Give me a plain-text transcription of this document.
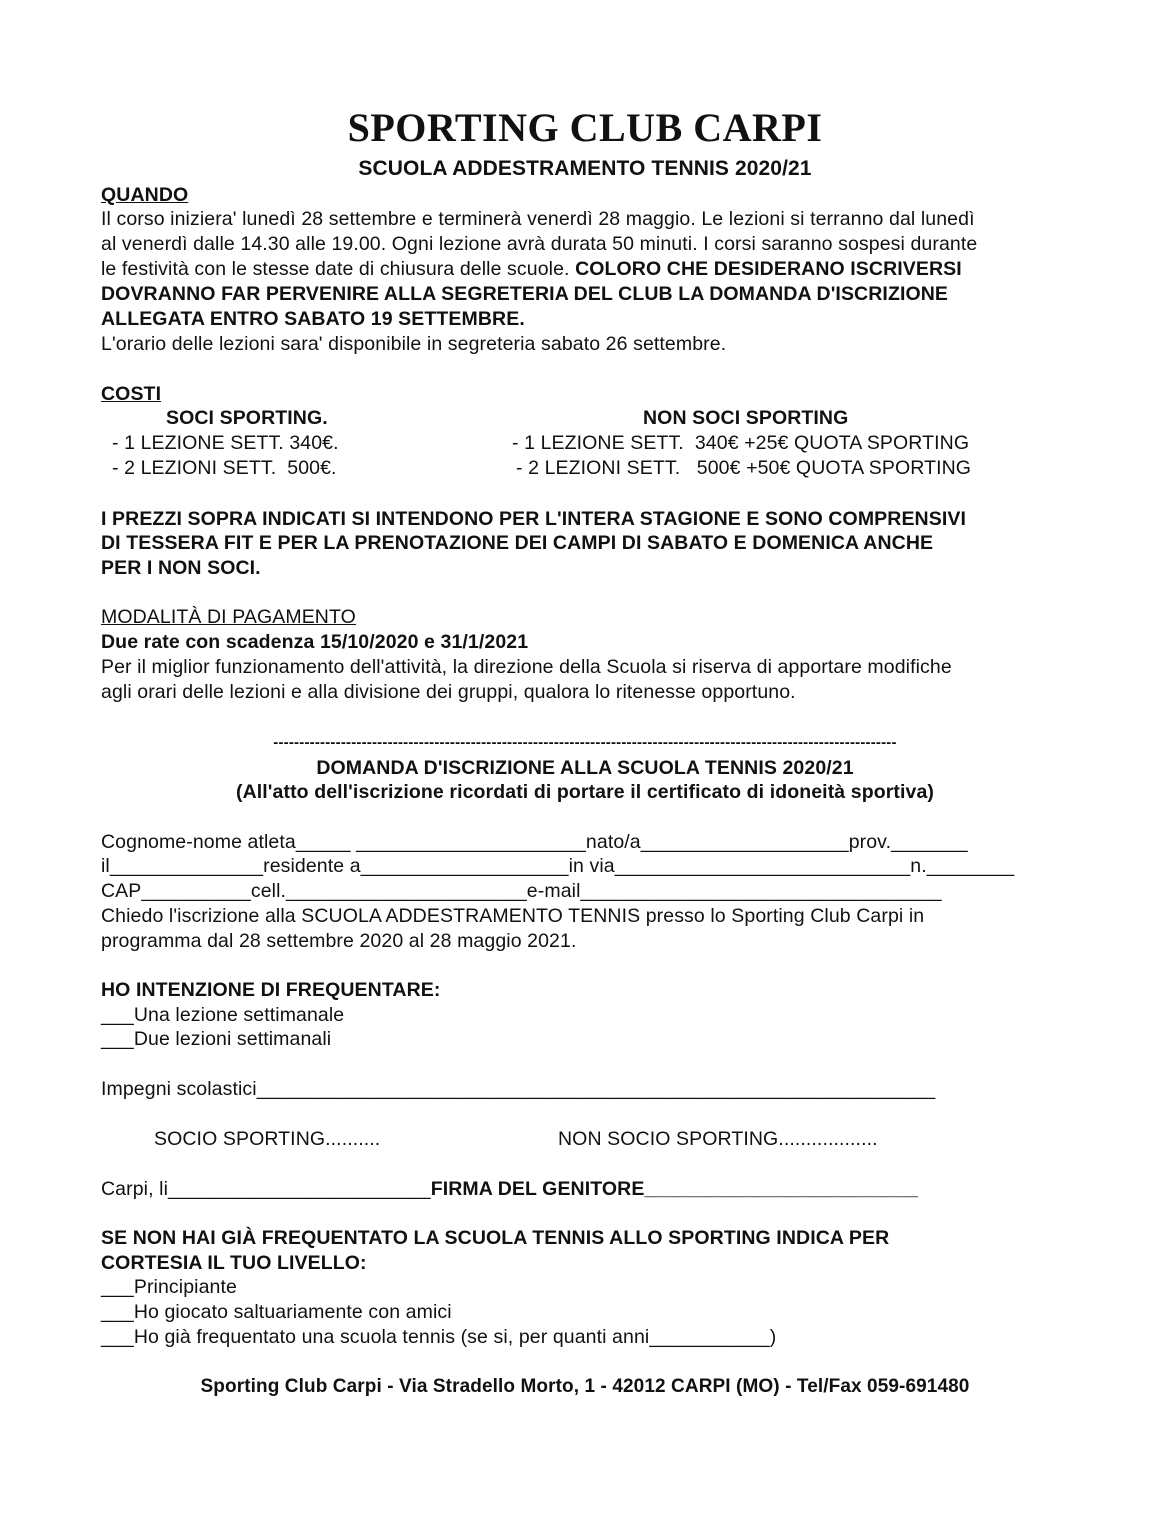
SPORTING CLUB CARPI
SCUOLA ADDESTRAMENTO TENNIS 2020/21
QUANDO
Il corso iniziera' lunedì 28 settembre e terminerà venerdì 28 maggio. Le lezioni si terranno dal lunedì
al venerdì dalle 14.30 alle 19.00. Ogni lezione avrà durata 50 minuti. I corsi saranno sospesi durante
le festività con le stesse date di chiusura delle scuole. COLORO CHE DESIDERANO ISCRIVERSI
DOVRANNO FAR PERVENIRE ALLA SEGRETERIA DEL CLUB LA DOMANDA D'ISCRIZIONE
ALLEGATA ENTRO SABATO 19 SETTEMBRE.
L'orario delle lezioni sara' disponibile in segreteria sabato 26 settembre.
COSTI
SOCI SPORTING.
- 1 LEZIONE SETT. 340€.
- 2 LEZIONI SETT.  500€.
NON SOCI SPORTING
- 1 LEZIONE SETT.  340€ +25€ QUOTA SPORTING
- 2 LEZIONI SETT.   500€ +50€ QUOTA SPORTING
I PREZZI SOPRA INDICATI SI INTENDONO PER L'INTERA STAGIONE E SONO COMPRENSIVI
DI TESSERA FIT E PER LA PRENOTAZIONE DEI CAMPI DI SABATO E DOMENICA ANCHE
PER I NON SOCI.
MODALITÀ DI PAGAMENTO
Due rate con scadenza 15/10/2020 e 31/1/2021
Per il miglior funzionamento dell'attività, la direzione della Scuola si riserva di apportare modifiche
agli orari delle lezioni e alla divisione dei gruppi, qualora lo ritenesse opportuno.
------------------------------------------------------------------------------------------------------------------------
DOMANDA D'ISCRIZIONE ALLA SCUOLA TENNIS 2020/21
(All'atto dell'iscrizione ricordati di portare il certificato di idoneità sportiva)
Cognome-nome atleta_____ _____________________nato/a___________________prov._______
il______________residente a___________________in via___________________________n.________
CAP__________cell.______________________e-mail_________________________________
Chiedo l'iscrizione alla SCUOLA ADDESTRAMENTO TENNIS presso lo Sporting Club Carpi in
programma dal 28 settembre 2020 al 28 maggio 2021.
HO INTENZIONE DI FREQUENTARE:
___Una lezione settimanale
___Due lezioni settimanali
Impegni scolastici______________________________________________________________
SOCIO SPORTING..........	NON SOCIO SPORTING..................
Carpi, li________________________FIRMA DEL GENITORE_________________________
SE NON HAI GIÀ FREQUENTATO LA SCUOLA TENNIS ALLO SPORTING INDICA PER
CORTESIA IL TUO LIVELLO:
___Principiante
___Ho giocato saltuariamente con amici
___Ho già frequentato una scuola tennis (se si, per quanti anni___________)
Sporting Club Carpi - Via Stradello Morto, 1 - 42012 CARPI (MO) - Tel/Fax 059-691480
